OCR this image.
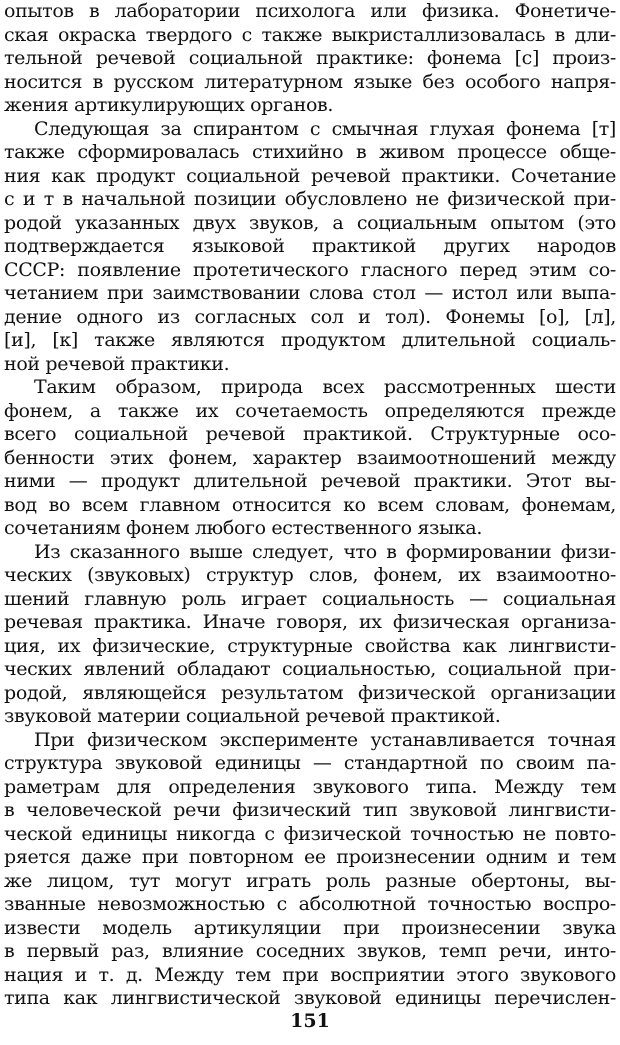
опытов в лаборатории психолога или физика. Фонетиче-
ская окраска твердого с также выкристаллизовалась в дли-
тельной речевой социальной практике: фонема [с] произ-
носится в русском литературном языке без особого напря-
жения артикулирующих органов.
Следующая за спирантом с смычная глухая фонема [т]
также сформировалась стихийно в живом процессе обще-
ния как продукт социальной речевой практики. Сочетание
с и т в начальной позиции обусловлено не физической при-
родой указанных двух звуков, а социальным опытом (это
подтверждается языковой практикой других народов
СССР: появление протетического гласного перед этим со-
четанием при заимствовании слова стол — истол или выпа-
дение одного из согласных сол и тол). Фонемы [о], [л],
[и], [к] также являются продуктом длительной социаль-
ной речевой практики.
Таким образом, природа всех рассмотренных шести
фонем, а также их сочетаемость определяются прежде
всего социальной речевой практикой. Структурные осо-
бенности этих фонем, характер взаимоотношений между
ними — продукт длительной речевой практики. Этот вы-
вод во всем главном относится ко всем словам, фонемам,
сочетаниям фонем любого естественного языка.
Из сказанного выше следует, что в формировании физи-
ческих (звуковых) структур слов, фонем, их взаимоотно-
шений главную роль играет социальность — социальная
речевая практика. Иначе говоря, их физическая организа-
ция, их физические, структурные свойства как лингвисти-
ческих явлений обладают социальностью, социальной при-
родой, являющейся результатом физической организации
звуковой материи социальной речевой практикой.
При физическом эксперименте устанавливается точная
структура звуковой единицы — стандартной по своим па-
раметрам для определения звукового типа. Между тем
в человеческой речи физический тип звуковой лингвисти-
ческой единицы никогда с физической точностью не повто-
ряется даже при повторном ее произнесении одним и тем
же лицом, тут могут играть роль разные обертоны, вы-
званные невозможностью с абсолютной точностью воспро-
извести модель артикуляции при произнесении звука
в первый раз, влияние соседних звуков, темп речи, инто-
нация и т. д. Между тем при восприятии этого звукового
типа как лингвистической звуковой единицы перечислен-
151
